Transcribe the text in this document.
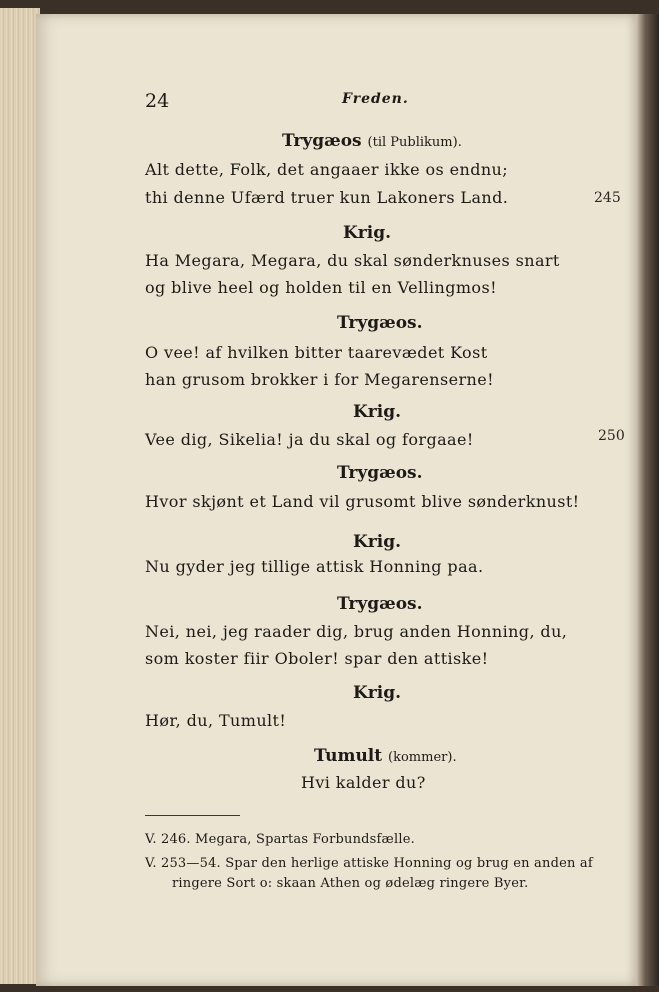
24	Freden.
Trygæos (til Publikum).
Alt dette, Folk, det angaaer ikke os endnu;
thi denne Ufærd truer kun Lakoners Land.	245
Krig.
Ha Megara, Megara, du skal sønderknuses snart
og blive heel og holden til en Vellingmos!
Trygæos.
O vee! af hvilken bitter taarevædet Kost
han grusom brokker i for Megarenserne!
Krig.
Vee dig, Sikelia! ja du skal og forgaae!	250
Trygæos.
Hvor skjønt et Land vil grusomt blive sønderknust!
Krig.
Nu gyder jeg tillige attisk Honning paa.
Trygæos.
Nei, nei, jeg raader dig, brug anden Honning, du,
som koster fiir Oboler! spar den attiske!
Krig.
Hør, du, Tumult!
Tumult (kommer).
Hvi kalder du?
V. 246. Megara, Spartas Forbundsfælle.
V. 253—54. Spar den herlige attiske Honning og brug en anden af
ringere Sort o: skaan Athen og ødelæg ringere Byer.
